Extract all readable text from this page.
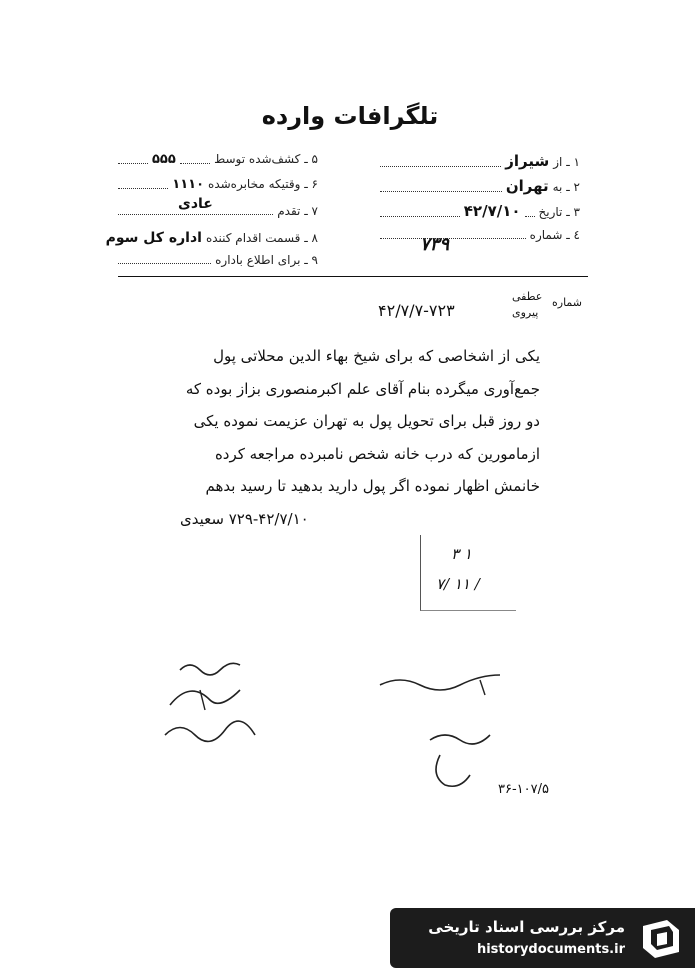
تلگرافات وارده
۱ ـ از
شیراز
۲ ـ به
تهران
۳ ـ تاریخ
۴۲/۷/۱۰
٤ ـ شماره
۷۳۹
۵ ـ کشف‌شده توسط
۵۵۵
۶ ـ وقتیکه مخابره‌شده
۱۱۱۰
۷ ـ تقدم
عادی
۸ ـ قسمت اقدام کننده
اداره کل سوم
۹ ـ برای اطلاع باداره
شماره
عطفی
پیروی
۴۲/۷/۷-۷۲۳
یکی از اشخاصی که برای شیخ بهاء الدین محلاتی پول
جمع‌آوری میگرده بنام آقای علم اکبرمنصوری بزاز بوده که
دو روز قبل برای تحویل پول به تهران عزیمت نموده یکی
ازمامورین که درب خانه شخص نامبرده مراجعه کرده
خانمش اظهار نموده اگر پول دارید بدهید تا رسید بدهم
۷۲۹-۴۲/۷/۱۰ سعیدی
۳ ۱
۷/ ۱۱ /
۳۶-۱۰۷/۵
مرکز بررسی اسناد تاریخی
historydocuments.ir
